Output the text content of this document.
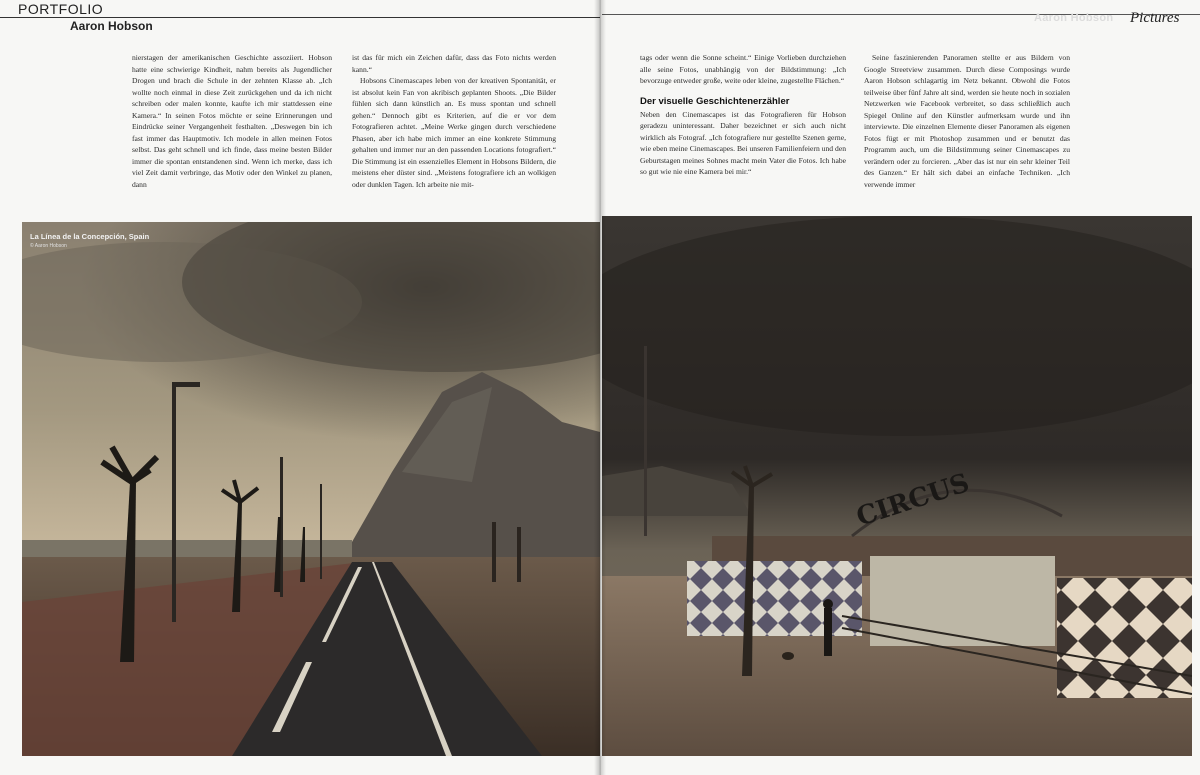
PORTFOLIO
Aaron Hobson

nierstagen der amerikanischen Geschichte assoziiert. Hobson hatte eine schwierige Kindheit, nahm bereits als Jugendlicher Drogen und brach die Schule in der zehnten Klasse ab. „Ich wollte noch einmal in diese Zeit zurückgehen und da ich nicht schreiben oder malen konnte, kaufte ich mir stattdessen eine Kamera.“ In seinen Fotos möchte er seine Erinnerungen und Eindrücke seiner Vergangenheit festhalten. „Deswegen bin ich fast immer das Hauptmotiv. Ich modele in allen meinen Fotos selbst. Das geht schnell und ich finde, dass meine besten Bilder immer die spontan entstandenen sind. Wenn ich merke, dass ich viel Zeit damit verbringe, das Motiv oder den Winkel zu planen, dann

ist das für mich ein Zeichen dafür, dass das Foto nichts werden kann.“

Hobsons Cinemascapes leben von der kreativen Spontanität, er ist absolut kein Fan von akribisch geplanten Shoots. „Die Bilder fühlen sich dann künstlich an. Es muss spontan und schnell gehen.“ Dennoch gibt es Kriterien, auf die er vor dem Fotografieren achtet. „Meine Werke gingen durch verschiedene Phasen, aber ich habe mich immer an eine konkrete Stimmung gehalten und immer nur an den passenden Locations fotografiert.“ Die Stimmung ist ein essenzielles Element in Hobsons Bildern, die meistens eher düster sind. „Meistens fotografiere ich an wolkigen oder dunklen Tagen. Ich arbeite nie mit-

La Línea de la Concepción, Spain
© Aaron Hobson
Aaron Hobson	Pictures

tags oder wenn die Sonne scheint.“ Einige Vorlieben durchziehen alle seine Fotos, unabhängig von der Bildstimmung: „Ich bevorzuge entweder große, weite oder kleine, zugestellte Flächen.“

Der visuelle Geschichtenerzähler

Neben den Cinemascapes ist das Fotografieren für Hobson geradezu uninteressant. Daher bezeichnet er sich auch nicht wirklich als Fotograf. „Ich fotografiere nur gestellte Szenen gerne, wie eben meine Cinemascapes. Bei unseren Familienfeiern und den Geburtstagen meines Sohnes macht mein Vater die Fotos. Ich habe so gut wie nie eine Kamera bei mir.“

Seine faszinierenden Panoramen stellte er aus Bildern von Google Streetview zusammen. Durch diese Composings wurde Aaron Hobson schlagartig im Netz bekannt. Obwohl die Fotos teilweise über fünf Jahre alt sind, werden sie heute noch in sozialen Netzwerken wie Facebook verbreitet, so dass schließlich auch Spiegel Online auf den Künstler aufmerksam wurde und ihn interviewte. Die einzelnen Elemente dieser Panoramen als eigenen Fotos fügt er mit Photoshop zusammen und er benutzt das Programm auch, um die Bildstimmung seiner Cinemascapes zu verändern oder zu forcieren. „Aber das ist nur ein sehr kleiner Teil des Ganzen.“ Er hält sich dabei an einfache Techniken. „Ich verwende immer

CIRCUS
